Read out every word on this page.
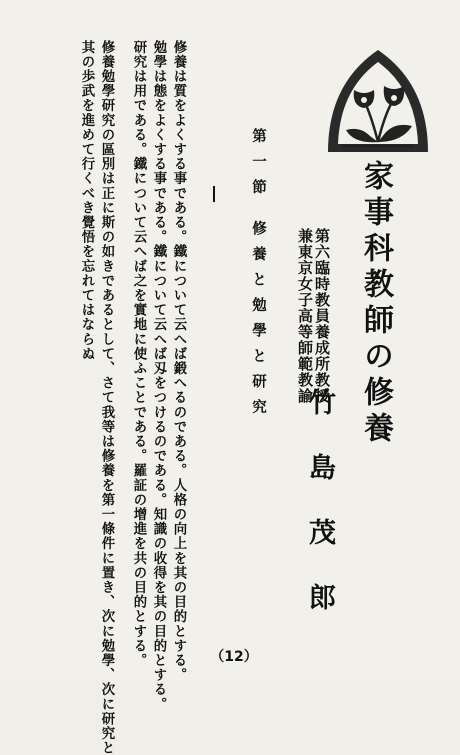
家事科教師の修養
第六臨時教員養成所教授
兼東京女子高等師範教諭
竹島茂郎
第一節 修養と勉學と研究
修養は質をよくする事である。鐵について云へば鍛へるのである。人格の向上を其の目的とする。
勉學は態をよくする事である。鐵について云へば刄をつけるのである。知識の收得を其の目的とする。
研究は用である。鐵について云へば之を實地に使ふことである。羅証の增進を共の目的とする。
修養勉學研究の區別は正に斯の如きであるとして、さて我等は修養を第一條件に置き、次に勉學、次に研究と
其の歩武を進めて行くべき覺悟を忘れてはならぬ
（12）
